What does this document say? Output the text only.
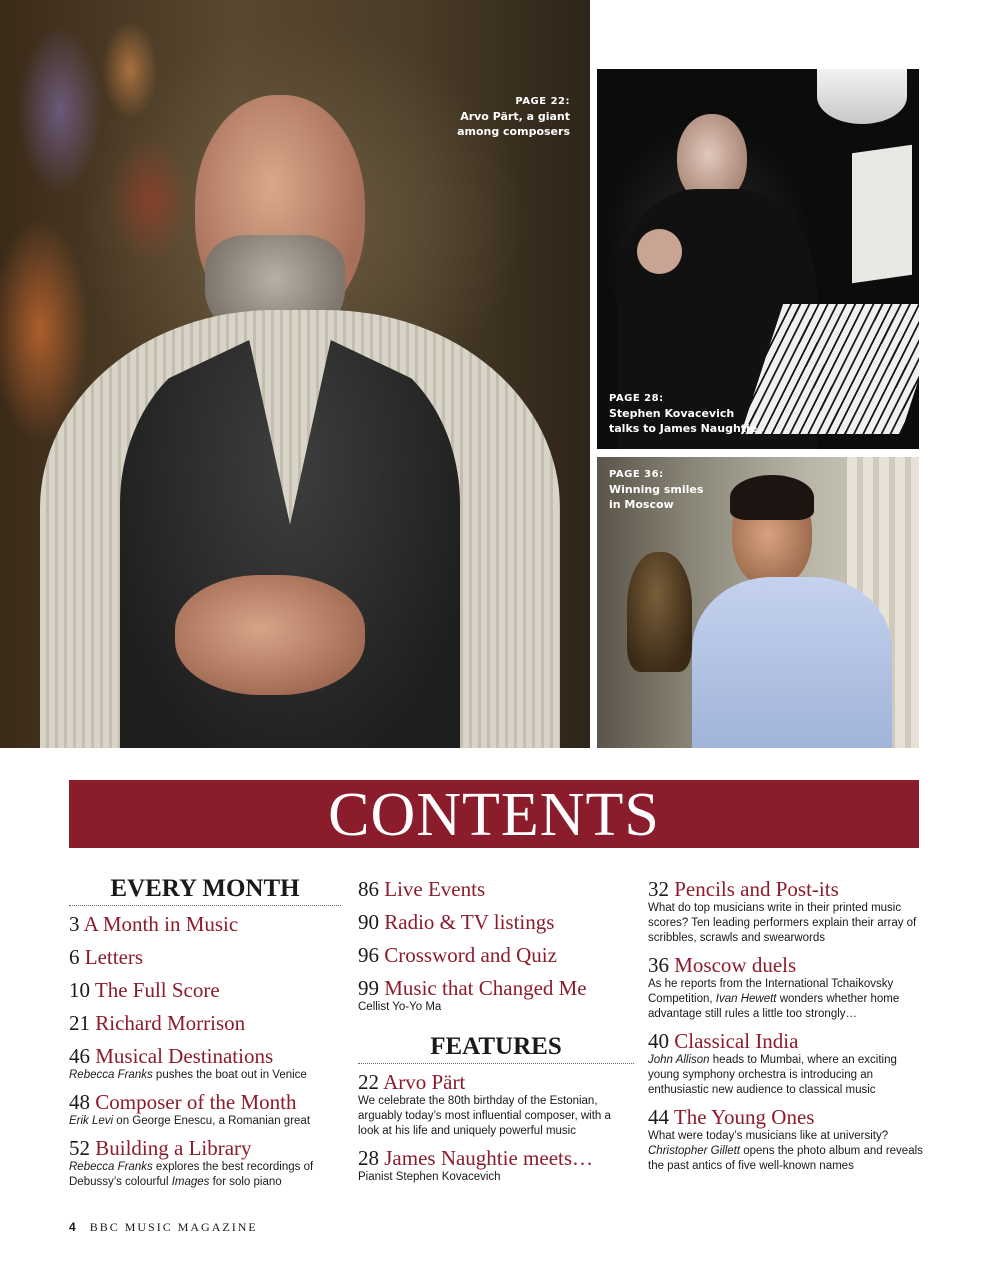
PAGE 22:
Arvo Pärt, a giant
among composers

PAGE 28:
Stephen Kovacevich
talks to James Naughtie

PAGE 36:
Winning smiles
in Moscow

CONTENTS
EVERY MONTH
3 A Month in Music
6 Letters
10 The Full Score
21 Richard Morrison
46 Musical Destinations
Rebecca Franks pushes the boat out in Venice
48 Composer of the Month
Erik Levi on George Enescu, a Romanian great
52 Building a Library
Rebecca Franks explores the best recordings of Debussy’s colourful Images for solo piano
86 Live Events
90 Radio & TV listings
96 Crossword and Quiz
99 Music that Changed Me
Cellist Yo-Yo Ma
FEATURES
22 Arvo Pärt
We celebrate the 80th birthday of the Estonian, arguably today’s most influential composer, with a look at his life and uniquely powerful music
28 James Naughtie meets…
Pianist Stephen Kovacevich
32 Pencils and Post-its
What do top musicians write in their printed music scores? Ten leading performers explain their array of scribbles, scrawls and swearwords
36 Moscow duels
As he reports from the International Tchaikovsky Competition, Ivan Hewett wonders whether home advantage still rules a little too strongly…
40 Classical India
John Allison heads to Mumbai, where an exciting young symphony orchestra is introducing an enthusiastic new audience to classical music
44 The Young Ones
What were today’s musicians like at university? Christopher Gillett opens the photo album and reveals the past antics of five well-known names
4 BBC MUSIC MAGAZINE
